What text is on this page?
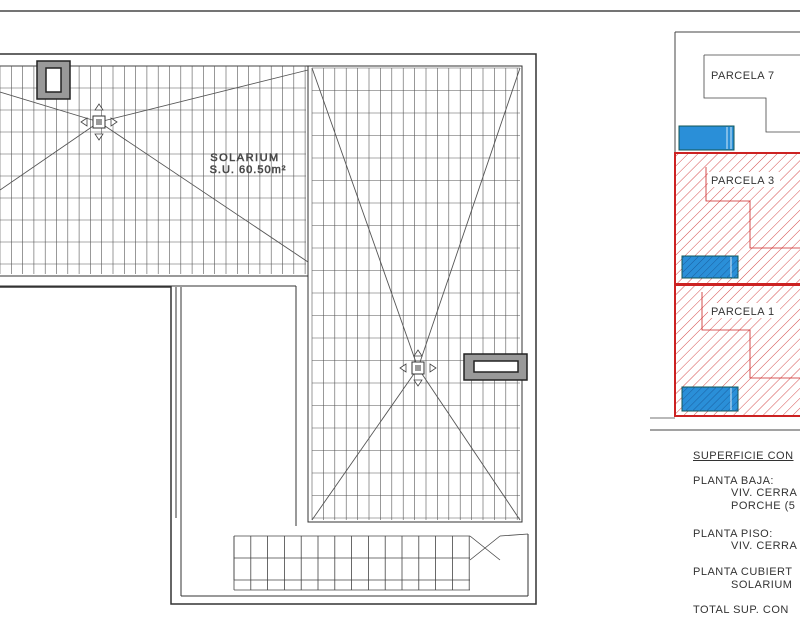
SOLARIUM
S.U. 60.50m²
PARCELA 7
PARCELA 3
PARCELA 1
SUPERFICIE CON
PLANTA BAJA:
VIV. CERRA
PORCHE (5
PLANTA PISO:
VIV. CERRA
PLANTA CUBIERT
SOLARIUM
TOTAL SUP. CON
